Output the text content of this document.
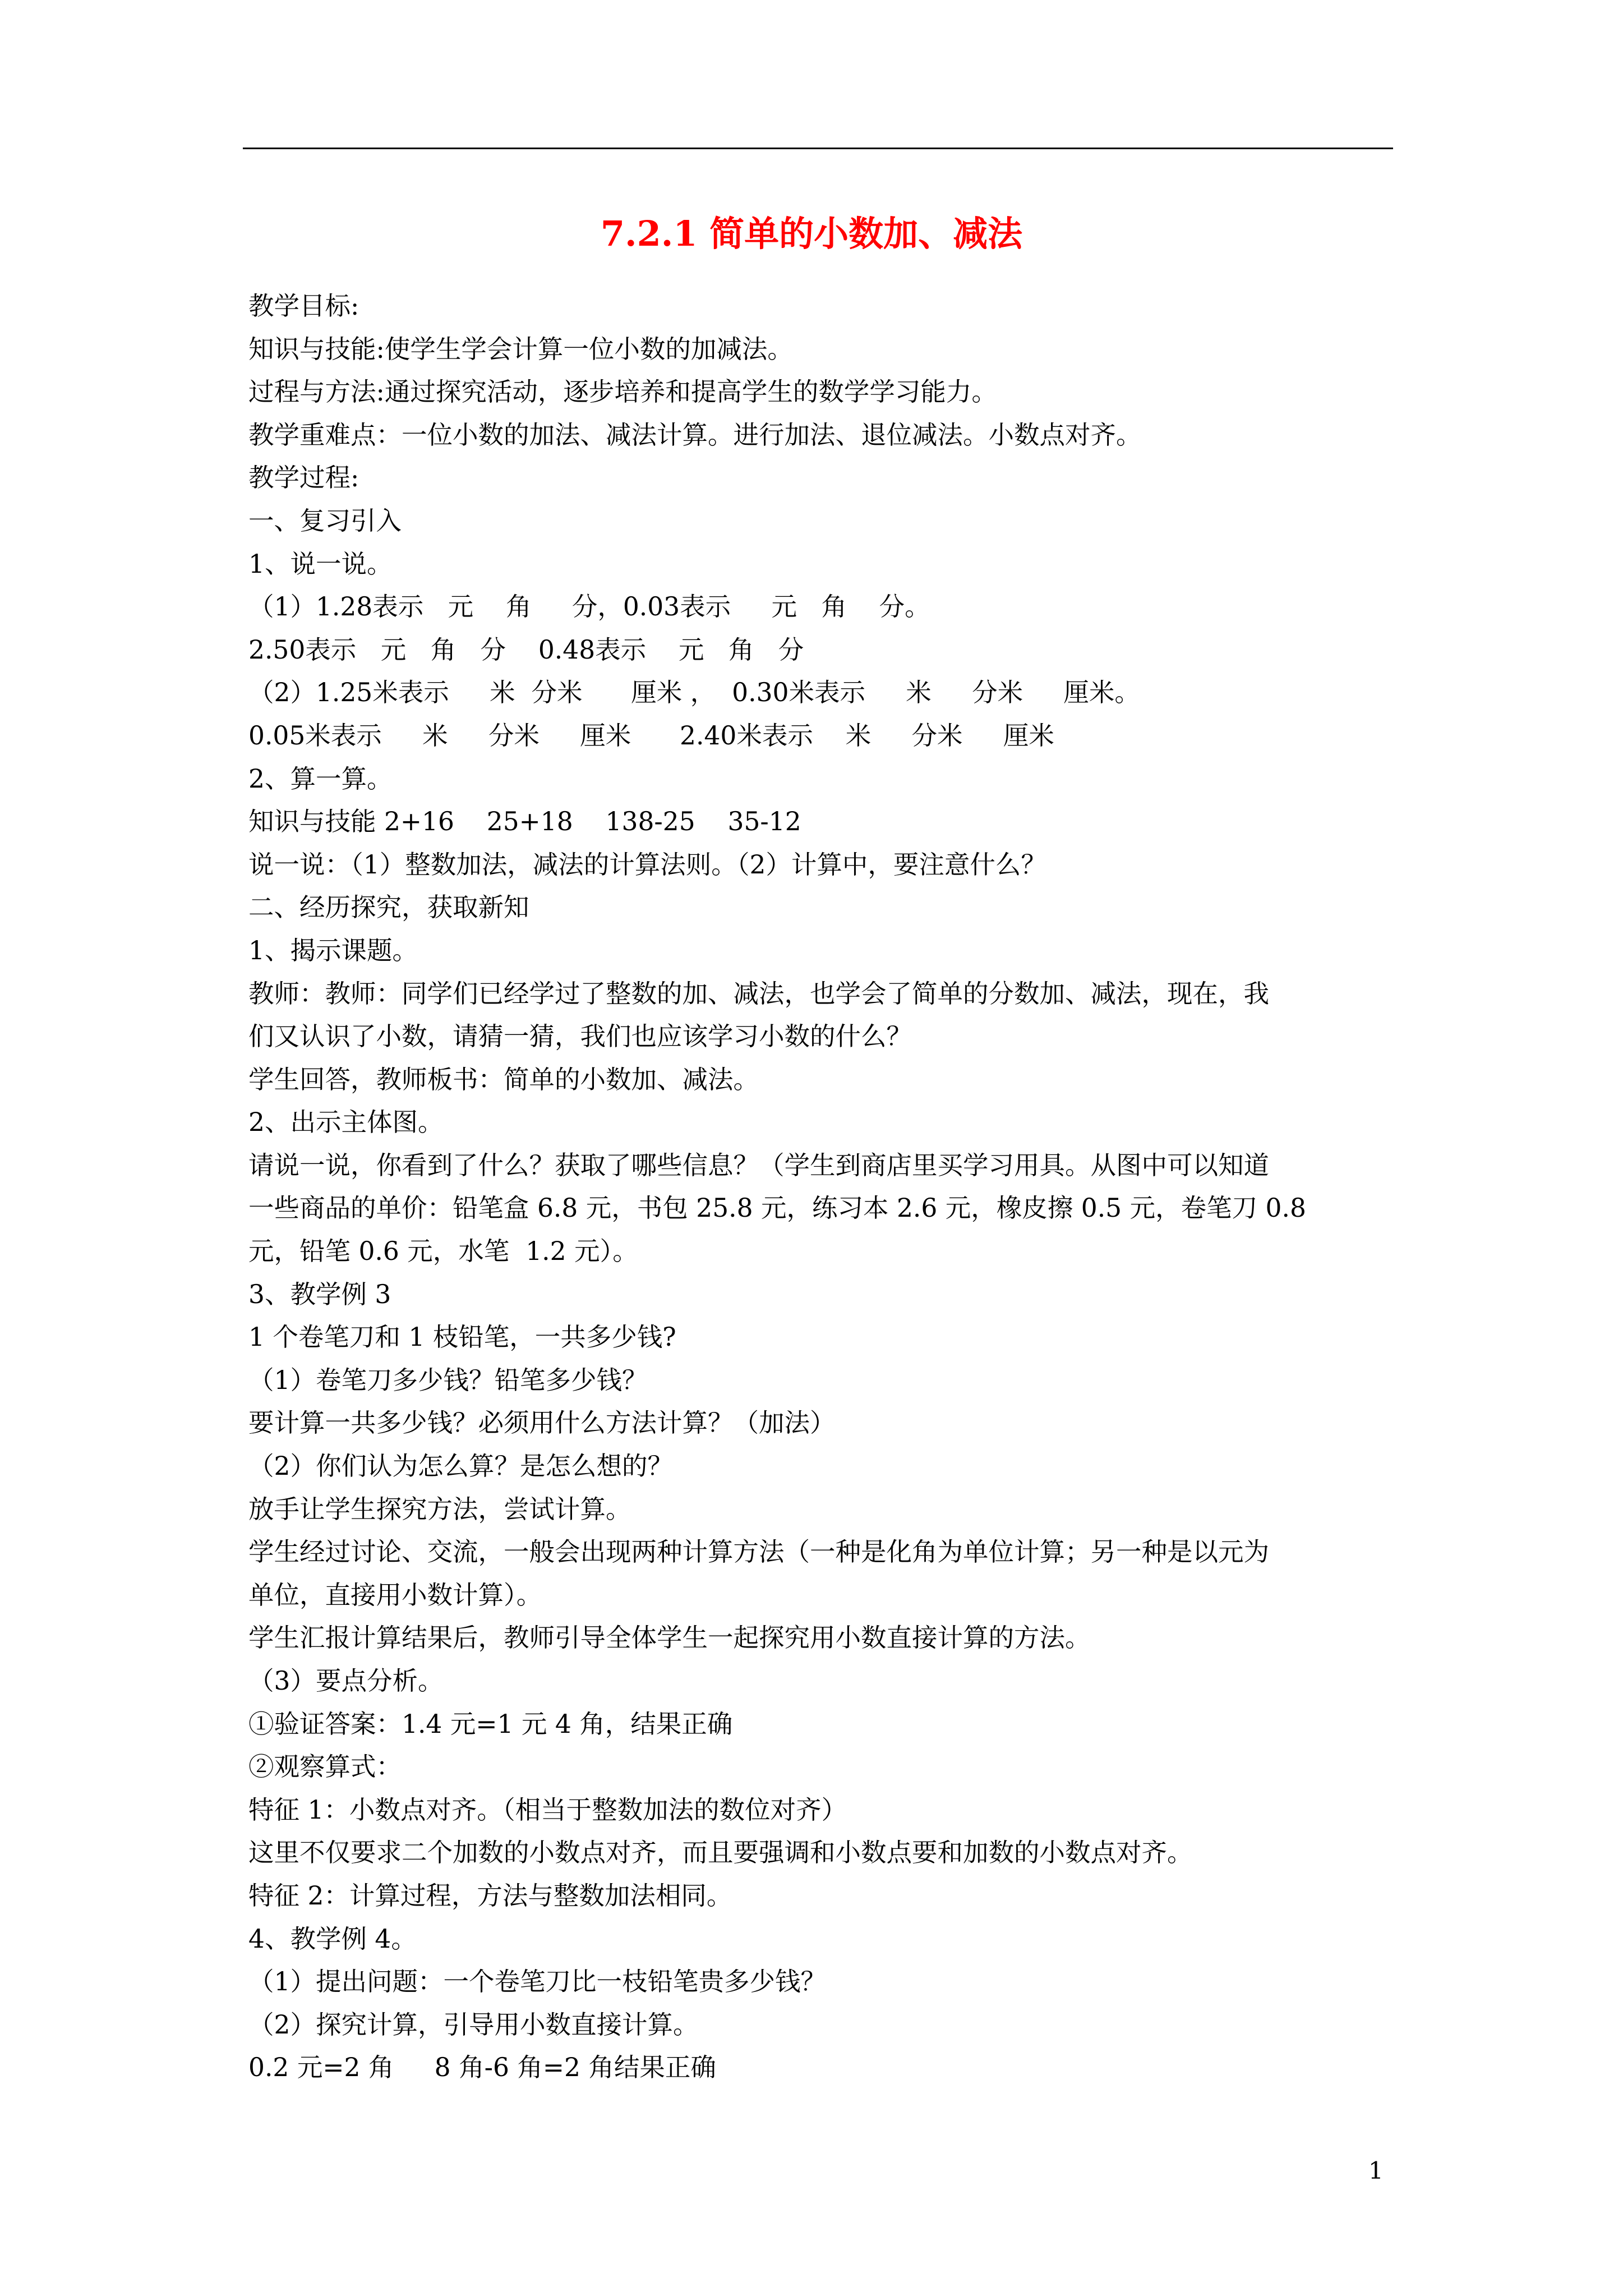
7.2.1 简单的小数加、减法
教学目标:
知识与技能:使学生学会计算一位小数的加减法。
过程与方法:通过探究活动，逐步培养和提高学生的数学学习能力。
教学重难点：一位小数的加法、减法计算。进行加法、退位减法。小数点对齐。
教学过程:
一、复习引入
1、说一说。
（1）1.28表示   元    角     分，0.03表示     元   角    分。
2.50表示   元   角   分    0.48表示    元   角   分
（2）1.25米表示     米  分米      厘米 ，  0.30米表示     米     分米     厘米。
0.05米表示     米     分米     厘米      2.40米表示    米     分米     厘米
2、算一算。
知识与技能 2+16    25+18    138-25    35-12
说一说：（1）整数加法，减法的计算法则。（2）计算中，要注意什么？
二、经历探究，获取新知
1、揭示课题。
教师：教师：同学们已经学过了整数的加、减法，也学会了简单的分数加、减法，现在，我
们又认识了小数，请猜一猜，我们也应该学习小数的什么？
学生回答，教师板书：简单的小数加、减法。
2、出示主体图。
请说一说，你看到了什么？获取了哪些信息？（学生到商店里买学习用具。从图中可以知道
一些商品的单价：铅笔盒 6.8 元，书包 25.8 元，练习本 2.6 元，橡皮擦 0.5 元，卷笔刀 0.8
元，铅笔 0.6 元，水笔  1.2 元）。
3、教学例 3
1 个卷笔刀和 1 枝铅笔，一共多少钱?
（1）卷笔刀多少钱？铅笔多少钱？
要计算一共多少钱？必须用什么方法计算？（加法）
（2）你们认为怎么算？是怎么想的？
放手让学生探究方法，尝试计算。
学生经过讨论、交流，一般会出现两种计算方法（一种是化角为单位计算；另一种是以元为
单位，直接用小数计算）。
学生汇报计算结果后，教师引导全体学生一起探究用小数直接计算的方法。
（3）要点分析。
①验证答案：1.4 元=1 元 4 角，结果正确
②观察算式：
特征 1：小数点对齐。（相当于整数加法的数位对齐）
这里不仅要求二个加数的小数点对齐，而且要强调和小数点要和加数的小数点对齐。
特征 2：计算过程，方法与整数加法相同。
4、教学例 4。
（1）提出问题：一个卷笔刀比一枝铅笔贵多少钱？
（2）探究计算，引导用小数直接计算。
0.2 元=2 角     8 角-6 角=2 角结果正确
1
